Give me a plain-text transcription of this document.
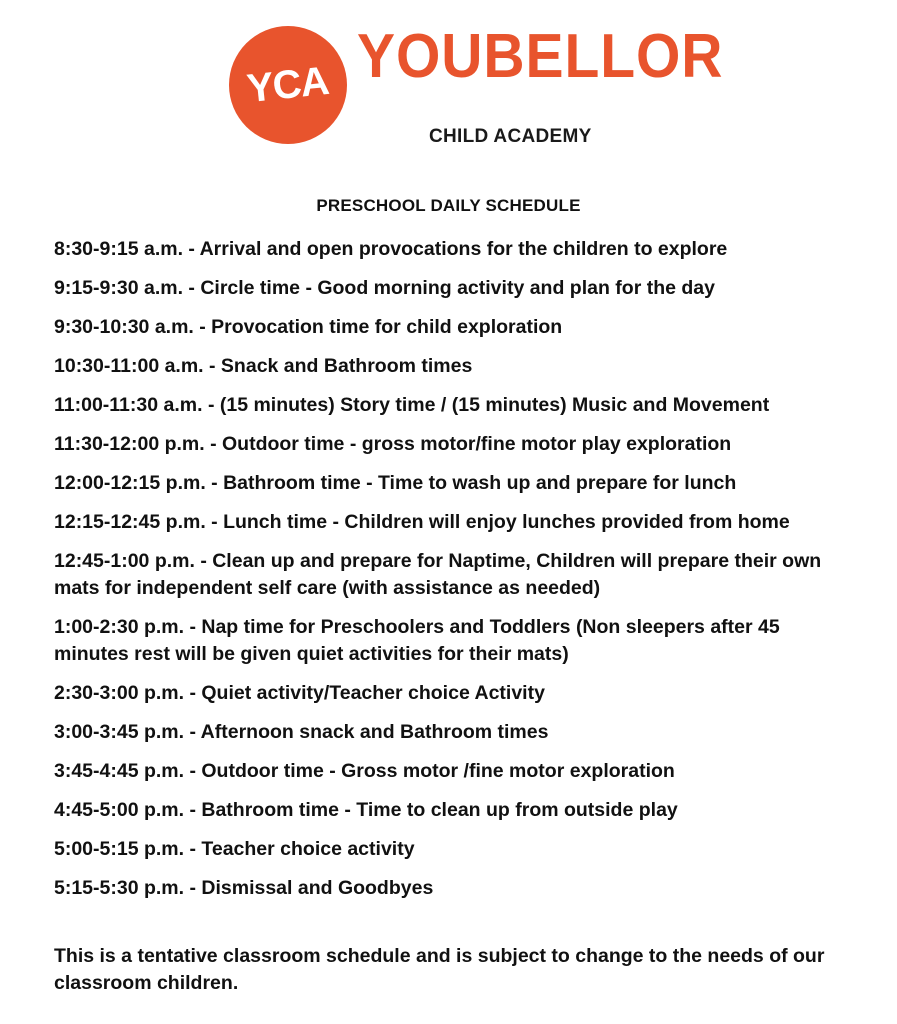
YCA YOUBELLOR
CHILD ACADEMY
PRESCHOOL DAILY SCHEDULE
8:30-9:15 a.m. - Arrival and open provocations for the children to explore
9:15-9:30 a.m. - Circle time - Good morning activity and plan for the day
9:30-10:30 a.m. - Provocation time for child exploration
10:30-11:00 a.m. - Snack and Bathroom times
11:00-11:30 a.m. - (15 minutes) Story time / (15 minutes) Music and Movement
11:30-12:00 p.m. - Outdoor time - gross motor/fine motor play exploration
12:00-12:15 p.m. - Bathroom time - Time to wash up and prepare for lunch
12:15-12:45 p.m. - Lunch time - Children will enjoy lunches provided from home
12:45-1:00 p.m. - Clean up and prepare for Naptime, Children will prepare their own mats for independent self care (with assistance as needed)
1:00-2:30 p.m. - Nap time for Preschoolers and Toddlers (Non sleepers after 45 minutes rest will be given quiet activities for their mats)
2:30-3:00 p.m. - Quiet activity/Teacher choice Activity
3:00-3:45 p.m. - Afternoon snack and Bathroom times
3:45-4:45 p.m. - Outdoor time - Gross motor /fine motor exploration
4:45-5:00 p.m. - Bathroom time - Time to clean up from outside play
5:00-5:15 p.m. - Teacher choice activity
5:15-5:30 p.m. - Dismissal and Goodbyes

This is a tentative classroom schedule and is subject to change to the needs of our classroom children.
